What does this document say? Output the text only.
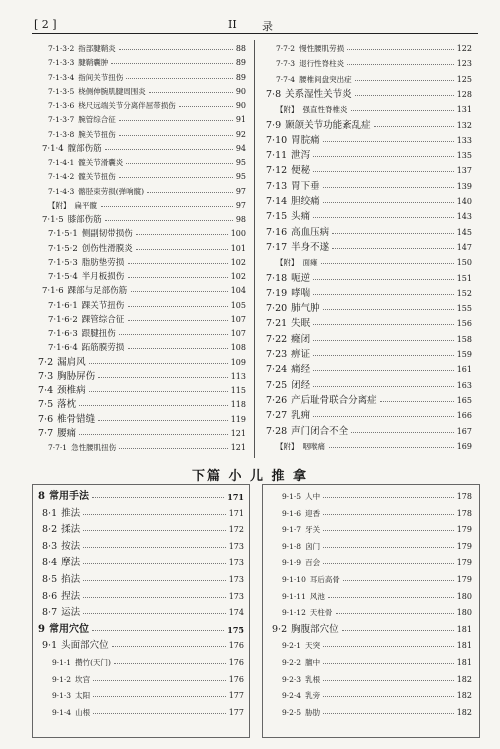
[ 2 ]	II 录
7·1·3·2 指部腱鞘炎	88
7·1·3·3 腱鞘囊肿	89
7·1·3·4 指间关节扭伤	89
7·1·3·5 桡侧伸腕肌腱周围炎	90
7·1·3·6 桡尺远端关节分离伴屈带损伤	90
7·1·3·7 腕管综合征	91
7·1·3·8 腕关节扭伤	92
7·1·4 髋部伤筋	94
7·1·4·1 髋关节滑囊炎	95
7·1·4·2 髋关节扭伤	95
7·1·4·3 髂胫束劳损(弹响髋)	97
【附】 扁平髋	97
7·1·5 膝部伤筋	98
7·1·5·1 侧副韧带损伤	100
7·1·5·2 创伤性滑膜炎	101
7·1·5·3 脂肪垫劳损	102
7·1·5·4 半月板损伤	102
7·1·6 踝部与足部伤筋	104
7·1·6·1 踝关节扭伤	105
7·1·6·2 踝管综合征	107
7·1·6·3 跟腱扭伤	107
7·1·6·4 跖筋膜劳损	108
7·2 漏肩风	109
7·3 胸胁屏伤	113
7·4 颈椎病	115
7·5 落枕	118
7·6 椎骨错缝	119
7·7 腰痛	121
7·7·1 急性腰肌扭伤	121
7·7·2 慢性腰肌劳损	122
7·7·3 退行性脊柱炎	123
7·7·4 腰椎间盘突出症	125
7·8 关系湿性关节炎	128
【附】 强直性脊椎炎	131
7·9 颞颌关节功能紊乱症	132
7·10 胃脘痛	133
7·11 泄泻	135
7·12 便秘	137
7·13 胃下垂	139
7·14 胆绞痛	140
7·15 头痛	143
7·16 高血压病	145
7·17 半身不遂	147
【附】 面瘫	150
7·18 呃逆	151
7·19 哮喘	152
7·20 肺气肿	155
7·21 失眠	156
7·22 癃闭	158
7·23 痹证	159
7·24 痛经	161
7·25 闭经	163
7·26 产后耻骨联合分离症	165
7·27 乳痈	166
7·28 声门闭合不全	167
【附】 咽喉痛	169
下篇 小 儿 推 拿
8 常用手法	171
8·1 推法	171
8·2 揉法	172
8·3 按法	173
8·4 摩法	173
8·5 掐法	173
8·6 捏法	173
8·7 运法	174
9 常用穴位	175
9·1 头面部穴位	176
9·1·1 攒竹(天门)	176
9·1·2 坎宫	176
9·1·3 太阳	177
9·1·4 山根	177
9·1·5 人中	178
9·1·6 迎香	178
9·1·7 牙关	179
9·1·8 囟门	179
9·1·9 百会	179
9·1·10 耳后高骨	179
9·1·11 风池	180
9·1·12 天柱骨	180
9·2 胸腹部穴位	181
9·2·1 天突	181
9·2·2 膻中	181
9·2·3 乳根	182
9·2·4 乳旁	182
9·2·5 胁肋	182
